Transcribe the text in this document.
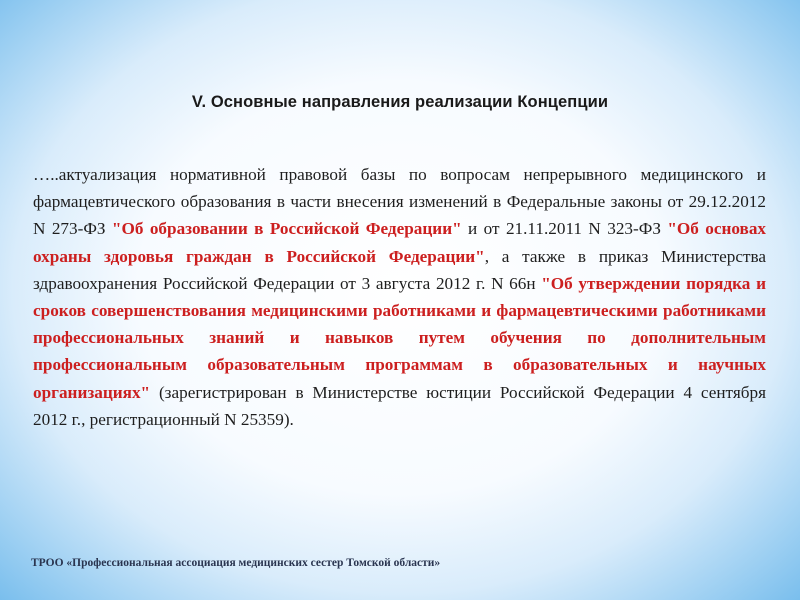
V. Основные направления реализации Концепции
…..актуализация нормативной правовой базы по вопросам непрерывного медицинского и фармацевтического образования в части внесения изменений в Федеральные законы от 29.12.2012 N 273-ФЗ "Об образовании в Российской Федерации" и от 21.11.2011 N 323-ФЗ "Об основах охраны здоровья граждан в Российской Федерации", а также в приказ Министерства здравоохранения Российской Федерации от 3 августа 2012 г. N 66н "Об утверждении порядка и сроков совершенствования медицинскими работниками и фармацевтическими работниками профессиональных знаний и навыков путем обучения по дополнительным профессиональным образовательным программам в образовательных и научных организациях" (зарегистрирован в Министерстве юстиции Российской Федерации 4 сентября 2012 г., регистрационный N 25359).
ТРОО «Профессиональная ассоциация медицинских сестер Томской области»
